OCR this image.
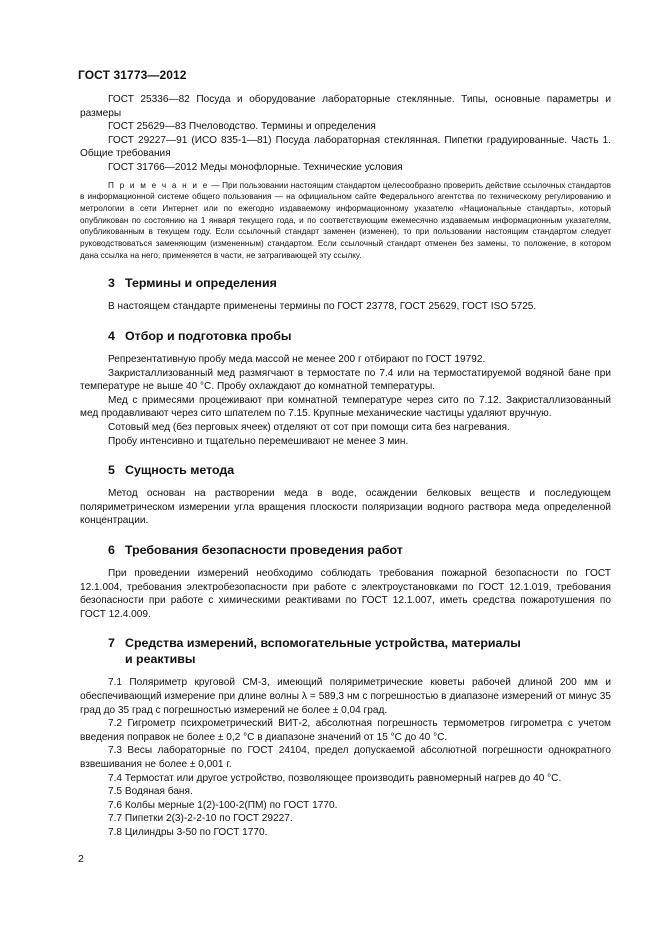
ГОСТ 31773—2012

ГОСТ 25336—82 Посуда и оборудование лабораторные стеклянные. Типы, основные параметры и размеры

ГОСТ 25629—83 Пчеловодство. Термины и определения

ГОСТ 29227—91 (ИСО 835-1—81) Посуда лабораторная стеклянная. Пипетки градуированные. Часть 1. Общие требования

ГОСТ 31766—2012 Меды монофлорные. Технические условия

П р и м е ч а н и е — При пользовании настоящим стандартом целесообразно проверить действие ссылочных стандартов в информационной системе общего пользования — на официальном сайте Федерального агентства по техническому регулированию и метрологии в сети Интернет или по ежегодно издаваемому информационному указателю «Национальные стандарты», который опубликован по состоянию на 1 января текущего года, и по соответствующим ежемесячно издаваемым информационным указателям, опубликованным в текущем году. Если ссылочный стандарт заменен (изменен), то при пользовании настоящим стандартом следует руководствоваться заменяющим (измененным) стандартом. Если ссылочный стандарт отменен без замены, то положение, в котором дана ссылка на него, применяется в части, не затрагивающей эту ссылку.

3 Термины и определения

В настоящем стандарте применены термины по ГОСТ 23778, ГОСТ 25629, ГОСТ ISO 5725.

4 Отбор и подготовка пробы

Репрезентативную пробу меда массой не менее 200 г отбирают по ГОСТ 19792.

Закристаллизованный мед размягчают в термостате по 7.4 или на термостатируемой водяной бане при температуре не выше 40 °С. Пробу охлаждают до комнатной температуры.

Мед с примесями процеживают при комнатной температуре через сито по 7.12. Закристаллизованный мед продавливают через сито шпателем по 7.15. Крупные механические частицы удаляют вручную.

Сотовый мед (без перговых ячеек) отделяют от сот при помощи сита без нагревания.

Пробу интенсивно и тщательно перемешивают не менее 3 мин.

5 Сущность метода

Метод основан на растворении меда в воде, осаждении белковых веществ и последующем поляриметрическом измерении угла вращения плоскости поляризации водного раствора меда определенной концентрации.

6 Требования безопасности проведения работ

При проведении измерений необходимо соблюдать требования пожарной безопасности по ГОСТ 12.1.004, требования электробезопасности при работе с электроустановками по ГОСТ 12.1.019, требования безопасности при работе с химическими реактивами по ГОСТ 12.1.007, иметь средства пожаротушения по ГОСТ 12.4.009.

7 Средства измерений, вспомогательные устройства, материалы
и реактивы

7.1 Поляриметр круговой СМ-3, имеющий поляриметрические кюветы рабочей длиной 200 мм и обеспечивающий измерение при длине волны λ = 589,3 нм с погрешностью в диапазоне измерений от минус 35 град до 35 град с погрешностью измерений не более ± 0,04 град.

7.2 Гигрометр психрометрический ВИТ-2, абсолютная погрешность термометров гигрометра с учетом введения поправок не более ± 0,2 °С в диапазоне значений от 15 °С до 40 °С.

7.3 Весы лабораторные по ГОСТ 24104, предел допускаемой абсолютной погрешности однократного взвешивания не более ± 0,001 г.

7.4 Термостат или другое устройство, позволяющее производить равномерный нагрев до 40 °С.

7.5 Водяная баня.

7.6 Колбы мерные 1(2)-100-2(ПМ) по ГОСТ 1770.

7.7 Пипетки 2(3)-2-2-10 по ГОСТ 29227.

7.8 Цилиндры 3-50 по ГОСТ 1770.

2
